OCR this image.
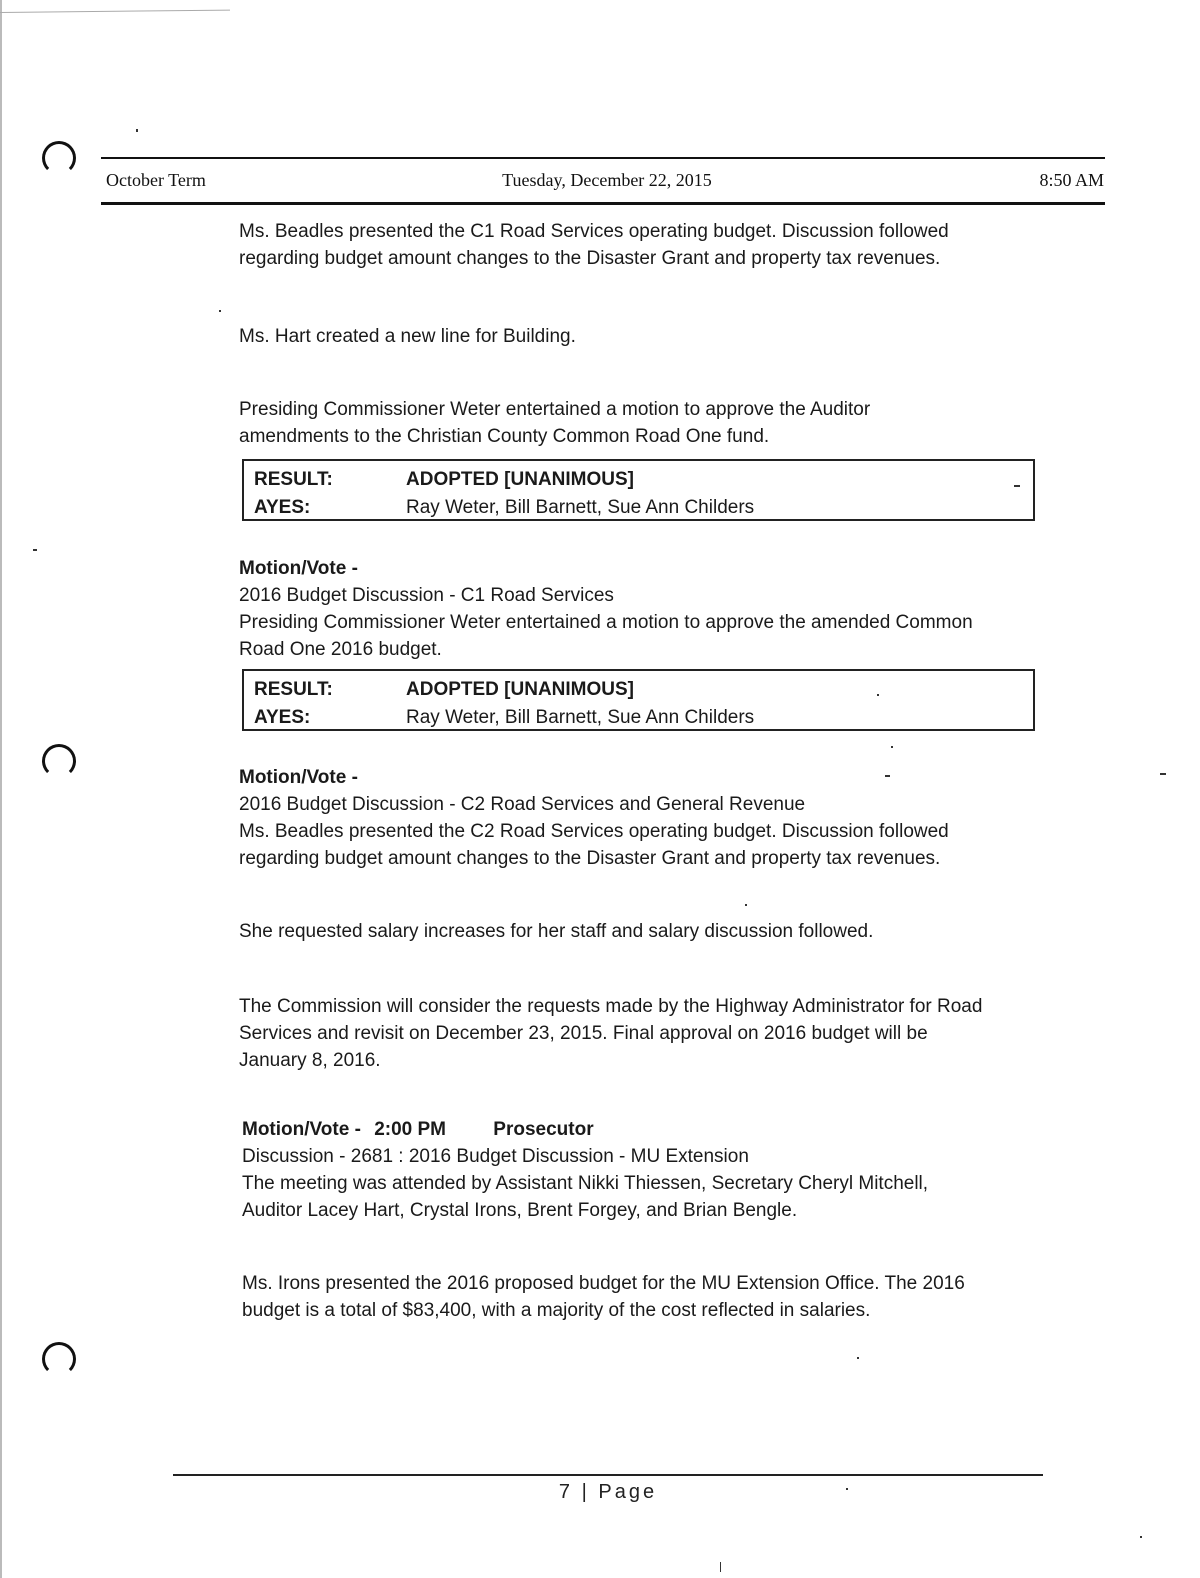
October Term	Tuesday, December 22, 2015	8:50 AM
Ms. Beadles presented the C1 Road Services operating budget. Discussion followed
regarding budget amount changes to the Disaster Grant and property tax revenues.
Ms. Hart created a new line for Building.
Presiding Commissioner Weter entertained a motion to approve the Auditor
amendments to the Christian County Common Road One fund.
RESULT:	ADOPTED [UNANIMOUS]
AYES:	Ray Weter, Bill Barnett, Sue Ann Childers
Motion/Vote -
2016 Budget Discussion - C1 Road Services
Presiding Commissioner Weter entertained a motion to approve the amended Common
Road One 2016 budget.
RESULT:	ADOPTED [UNANIMOUS]
AYES:	Ray Weter, Bill Barnett, Sue Ann Childers
Motion/Vote -
2016 Budget Discussion - C2 Road Services and General Revenue
Ms. Beadles presented the C2 Road Services operating budget. Discussion followed
regarding budget amount changes to the Disaster Grant and property tax revenues.
She requested salary increases for her staff and salary discussion followed.
The Commission will consider the requests made by the Highway Administrator for Road
Services and revisit on December 23, 2015. Final approval on 2016 budget will be
January 8, 2016.
Motion/Vote - 2:00 PM Prosecutor
Discussion - 2681 : 2016 Budget Discussion - MU Extension
The meeting was attended by Assistant Nikki Thiessen, Secretary Cheryl Mitchell,
Auditor Lacey Hart, Crystal Irons, Brent Forgey, and Brian Bengle.
Ms. Irons presented the 2016 proposed budget for the MU Extension Office. The 2016
budget is a total of $83,400, with a majority of the cost reflected in salaries.
7 | Page
